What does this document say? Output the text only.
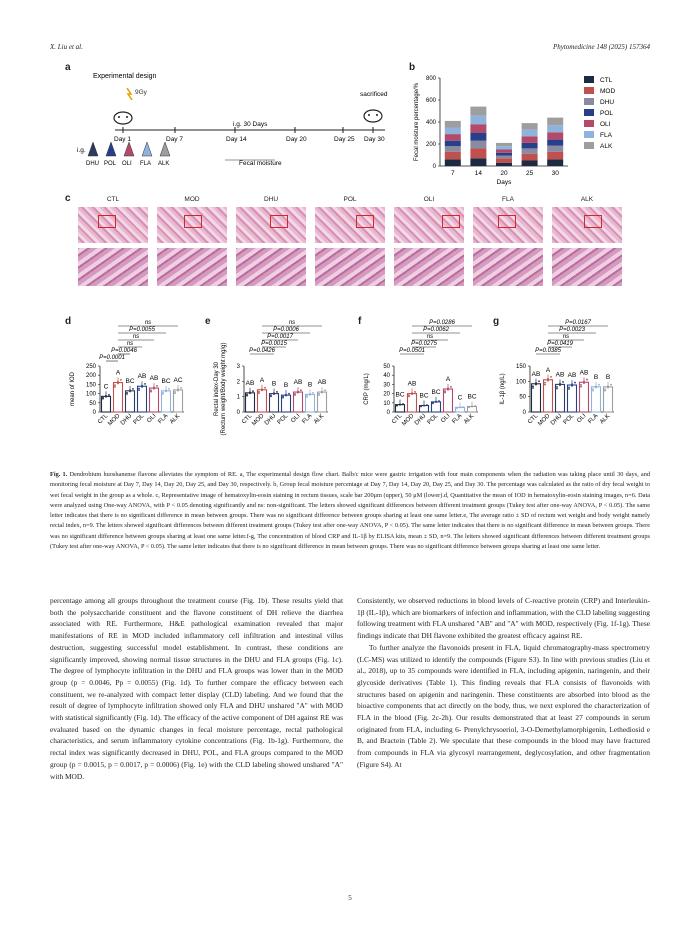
X. Liu et al.	Phytomedicine 148 (2025) 157364
a
Experimental design
9Gy	sacrificed
i.g. 30 Days
Day 1	Day 7	Day 14	Day 20	Day 25 Day 30
Fecal moisture
i.g.
DHU POL OLI FLA ALK
b
0
200
400
600
800
Fecal moisture percentage/%
7	14	20	25	30
Days
CTL
MOD
DHU
POL
OLI
FLA
ALK
c	CTL	MOD	DHU	POL	OLI	FLA	ALK
d	e	f	g
0
50
100
150
200
250
mean of IOD	C
CTL
A
MOD
BC
DHU
AB
POL
AB
OLI
BC
FLA
AC
ALK
ns
P=0.0055
ns
ns
P=0.0046
P=0.0001
0
1
2
3
Rectal index-Day 30 (Rectum weight/Body weight mg/g)	AB
CTL
A
MOD
B
DHU
B
POL
AB
OLI
B
FLA
AB
ALK
ns
P=0.0006
P=0.0017
P=0.0015
P=0.0426
0
10
20
30
40
50
CRP (mg/L)	BC
CTL
AB
MOD
BC
DHU
BC
POL
A
OLI
C
FLA
BC
ALK
P=0.0286
P=0.0062
ns
P=0.0275
P=0.0501
0
50
100
150
IL-1β (ng/L)	AB
CTL
A
MOD
AB
DHU
AB
POL
AB
OLI
B
FLA
B
ALK
P=0.0167
P=0.0023
ns
P=0.0419
P=0.0385
Fig. 1. Dendrobium huoshanense flavone alleviates the symptom of RE. a, The experimental design flow chart. Balb/c mice were gastric irrigation with four main components when the radiation was taking place until 30 days, and monitoring fecal moisture at Day 7, Day 14, Day 20, Day 25, and Day 30, respectively. b, Group fecal moisture percentage at Day 7, Day 14, Day 20, Day 25, and Day 30. The percentage was calculated as the ratio of dry fecal weight to wet fecal weight in the group as a whole. c, Representative image of hematoxylin-eosin staining in rectum tissues, scale bar 200μm (upper), 50 μM (lower).d, Quantitative the mean of IOD in hematoxylin-eosin staining images, n=6. Data were analyzed using One-way ANOVA, with P < 0.05 denoting significantly and ns: non-significant. The letters showed significant differences between different treatment groups (Tukey test after one-way ANOVA, P < 0.05). The same letter indicates that there is no significant difference in mean between groups. There was no significant difference between groups sharing at least one same letter.e, The average ratio ± SD of rectum wet weight and body weight namely rectal index, n=9. The letters showed significant differences between different treatment groups (Tukey test after one-way ANOVA, P < 0.05). The same letter indicates that there is no significant difference in mean between groups. There was no significant difference between groups sharing at least one same letter.f-g, The concentration of blood CRP and IL-1β by ELISA kits, mean ± SD, n=9. The letters showed significant differences between different treatment groups (Tukey test after one-way ANOVA, P < 0.05). The same letter indicates that there is no significant difference in mean between groups. There was no significant difference between groups sharing at least one same letter.
percentage among all groups throughout the treatment course (Fig. 1b). These results yield that both the polysaccharide constituent and the flavone constituent of DH relieve the diarrhea associated with RE. Furthermore, H&E pathological examination revealed that major manifestations of RE in MOD included inflammatory cell infiltration and intestinal villus destruction, suggesting successful model establishment. In contrast, these conditions are significantly improved, showing normal tissue structures in the DHU and FLA groups (Fig. 1c). The degree of lymphocyte infiltration in the DHU and FLA groups was lower than in the MOD group (p = 0.0046, Pp = 0.0055) (Fig. 1d). To further compare the efficacy between each constituent, we re-analyzed with compact letter display (CLD) labeling. And we found that the result of degree of lymphocyte infiltration showed only FLA and DHU unshared "A" with MOD with statistical significantly (Fig. 1d). The efficacy of the active component of DH against RE was evaluated based on the dynamic changes in fecal moisture percentage, rectal pathological characteristics, and serum inflammatory cytokine concentrations (Fig. 1b-1g). Furthermore, the rectal index was significantly decreased in DHU, POL, and FLA groups compared to the MOD group (p = 0.0015, p = 0.0017, p = 0.0006) (Fig. 1e) with the CLD labeling showed unshared "A" with MOD.
Consistently, we observed reductions in blood levels of C-reactive protein (CRP) and Interleukin-1β (IL-1β), which are biomarkers of infection and inflammation, with the CLD labeling suggesting following treatment with FLA unshared "AB" and "A" with MOD, respectively (Fig. 1f-1g). These findings indicate that DH flavone exhibited the greatest efficacy against RE.
To further analyze the flavonoids present in FLA, liquid chromatography-mass spectrometry (LC-MS) was utilized to identify the compounds (Figure S3). In line with previous studies (Liu et al., 2018), up to 35 compounds were identified in FLA, including apigenin, naringenin, and their glycoside derivatives (Table 1). This finding reveals that FLA consists of flavonoids with structures based on apigenin and naringenin. These constituents are absorbed into blood as the bioactive components that act directly on the body, thus, we next explored the characterization of FLA in the blood (Fig. 2c-2h). Our results demonstrated that at least 27 compounds in serum originated from FLA, including 6- Prenylchrysoeriol, 3-O-Demethylamorphigenin, Lethediosid e B, and Bractein (Table 2). We speculate that these compounds in the blood may have fractured from compounds in FLA via glycosyl rearrangement, deglycosylation, and other fragmentation (Figure S4). At
5
